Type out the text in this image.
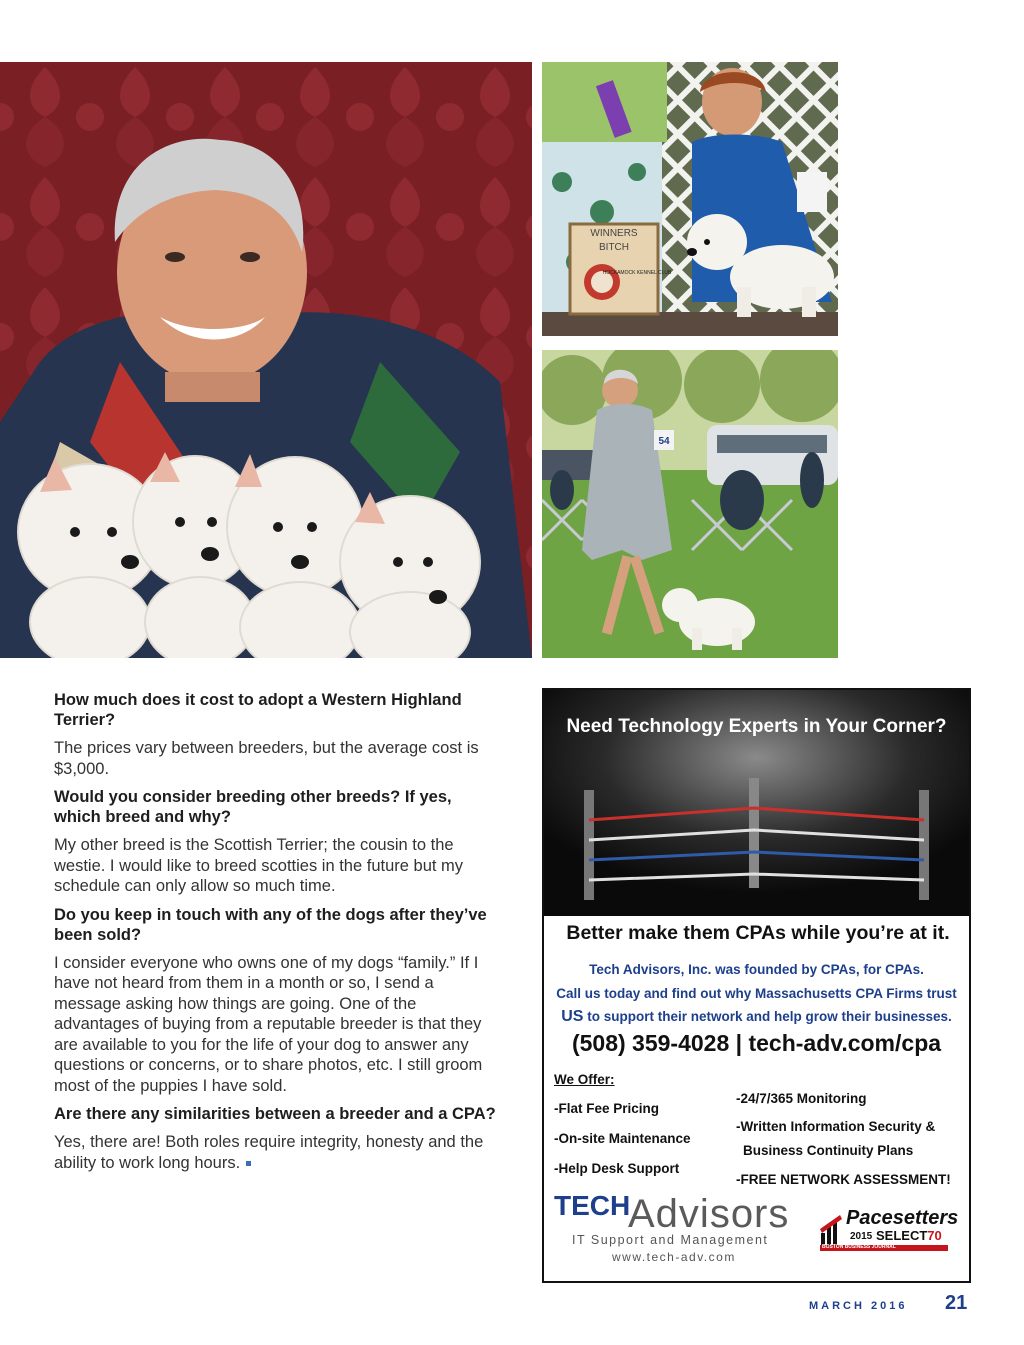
WINNERS
BITCH
HOCKAMOCK KENNEL CLUB
54
How much does it cost to adopt a Western Highland Terrier?
The prices vary between breeders, but the average cost is $3,000.
Would you consider breeding other breeds? If yes, which breed and why?
My other breed is the Scottish Terrier; the cousin to the westie. I would like to breed scotties in the future but my schedule can only allow so much time.
Do you keep in touch with any of the dogs after they’ve been sold?
I consider everyone who owns one of my dogs “family.” If I have not heard from them in a month or so, I send a message asking how things are going. One of the advantages of buying from a reputable breeder is that they are available to you for the life of your dog to answer any questions or concerns, or to share photos, etc. I still groom most of the puppies I have sold.
Are there any similarities between a breeder and a CPA?
Yes, there are! Both roles require integrity, honesty and the ability to work long hours.
Need Technology Experts in Your Corner?
Better make them CPAs while you’re at it.
Tech Advisors, Inc. was founded by CPAs, for CPAs.
Call us today and find out why Massachusetts CPA Firms trust
US to support their network and help grow their businesses.
(508) 359-4028 | tech-adv.com/cpa
We Offer:
-Flat Fee Pricing
-On-site Maintenance
-Help Desk Support
-24/7/365 Monitoring
-Written Information Security &
Business Continuity Plans
-FREE NETWORK ASSESSMENT!
TECH
Advisors
IT Support and Management
www.tech-adv.com
Pacesetters
2015 SELECT70
BOSTON BUSINESS JOURNAL
MARCH 2016 21
